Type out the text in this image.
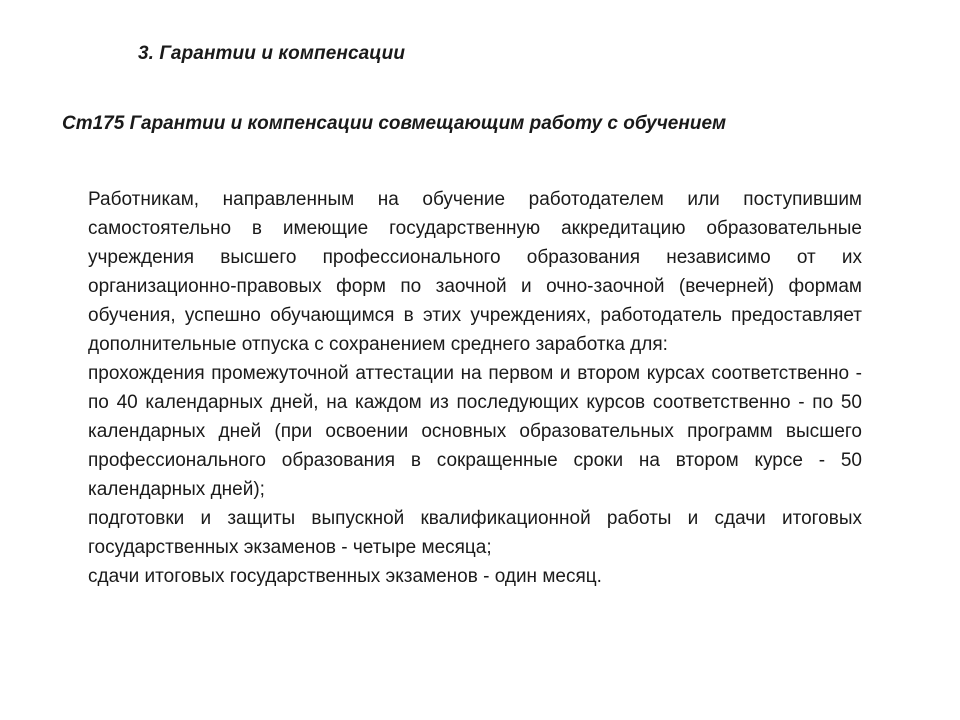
3. Гарантии и компенсации
Ст175 Гарантии и компенсации совмещающим работу с обучением

Работникам, направленным на обучение работодателем или поступившим самостоятельно в имеющие государственную аккредитацию образовательные учреждения высшего профессионального образования независимо от их организационно-правовых форм по заочной и очно-заочной (вечерней) формам обучения, успешно обучающимся в этих учреждениях, работодатель предоставляет дополнительные отпуска с сохранением среднего заработка для:

прохождения промежуточной аттестации на первом и втором курсах соответственно - по 40 календарных дней, на каждом из последующих курсов соответственно - по 50 календарных дней (при освоении основных образовательных программ высшего профессионального образования в сокращенные сроки на втором курсе - 50 календарных дней);

подготовки и защиты выпускной квалификационной работы и сдачи итоговых государственных экзаменов - четыре месяца;

сдачи итоговых государственных экзаменов - один месяц.
